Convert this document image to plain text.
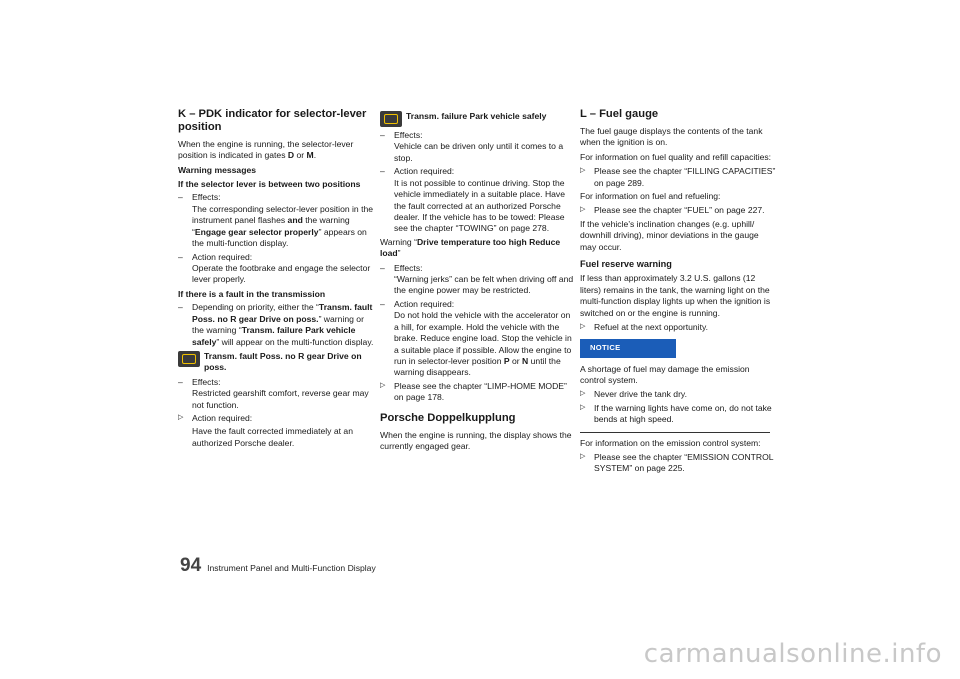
K – PDK indicator for selector-lever position

When the engine is running, the selector-lever position is indicated in gates D or M.

Warning messages

If the selector lever is between two positions

– Effects:

The corresponding selector-lever position in the instrument panel flashes and the warning “Engage gear selector properly” appears on the multi-function display.

– Action required:

Operate the footbrake and engage the selector lever properly.

If there is a fault in the transmission

– Depending on priority, either the “Transm. fault Poss. no R gear Drive on poss.” warning or the warning “Transm. failure Park vehicle safely” will appear on the multi-function display.

Transm. fault Poss. no R gear Drive on poss.

– Effects:

Restricted gearshift comfort, reverse gear may not function.

▷ Action required:

Have the fault corrected immediately at an authorized Porsche dealer.

Transm. failure Park vehicle safely

– Effects:

Vehicle can be driven only until it comes to a stop.

– Action required:

It is not possible to continue driving. Stop the vehicle immediately in a suitable place. Have the fault corrected at an authorized Porsche dealer. If the vehicle has to be towed: Please see the chapter “TOWING” on page 278.

Warning “Drive temperature too high Reduce load”

– Effects:

“Warning jerks” can be felt when driving off and the engine power may be restricted.

– Action required:

Do not hold the vehicle with the accelerator on a hill, for example. Hold the vehicle with the brake. Reduce engine load. Stop the vehicle in a suitable place if possible. Allow the engine to run in selector-lever position P or N until the warning disappears.

▷ Please see the chapter “LIMP-HOME MODE” on page 178.

Porsche Doppelkupplung

When the engine is running, the display shows the currently engaged gear.

L – Fuel gauge

The fuel gauge displays the contents of the tank when the ignition is on.

For information on fuel quality and refill capacities:

▷ Please see the chapter “FILLING CAPACITIES” on page 289.

For information on fuel and refueling:

▷ Please see the chapter “FUEL” on page 227.

If the vehicle’s inclination changes (e.g. uphill/ downhill driving), minor deviations in the gauge may occur.

Fuel reserve warning

If less than approximately 3.2 U.S. gallons (12 liters) remains in the tank, the warning light on the multi-function display lights up when the ignition is switched on or the engine is running.

▷ Refuel at the next opportunity.

NOTICE

A shortage of fuel may damage the emission control system.

▷ Never drive the tank dry.

▷ If the warning lights have come on, do not take bends at high speed.

For information on the emission control system:

▷ Please see the chapter “EMISSION CONTROL SYSTEM” on page 225.

94 Instrument Panel and Multi-Function Display
carmanualsonline.info
